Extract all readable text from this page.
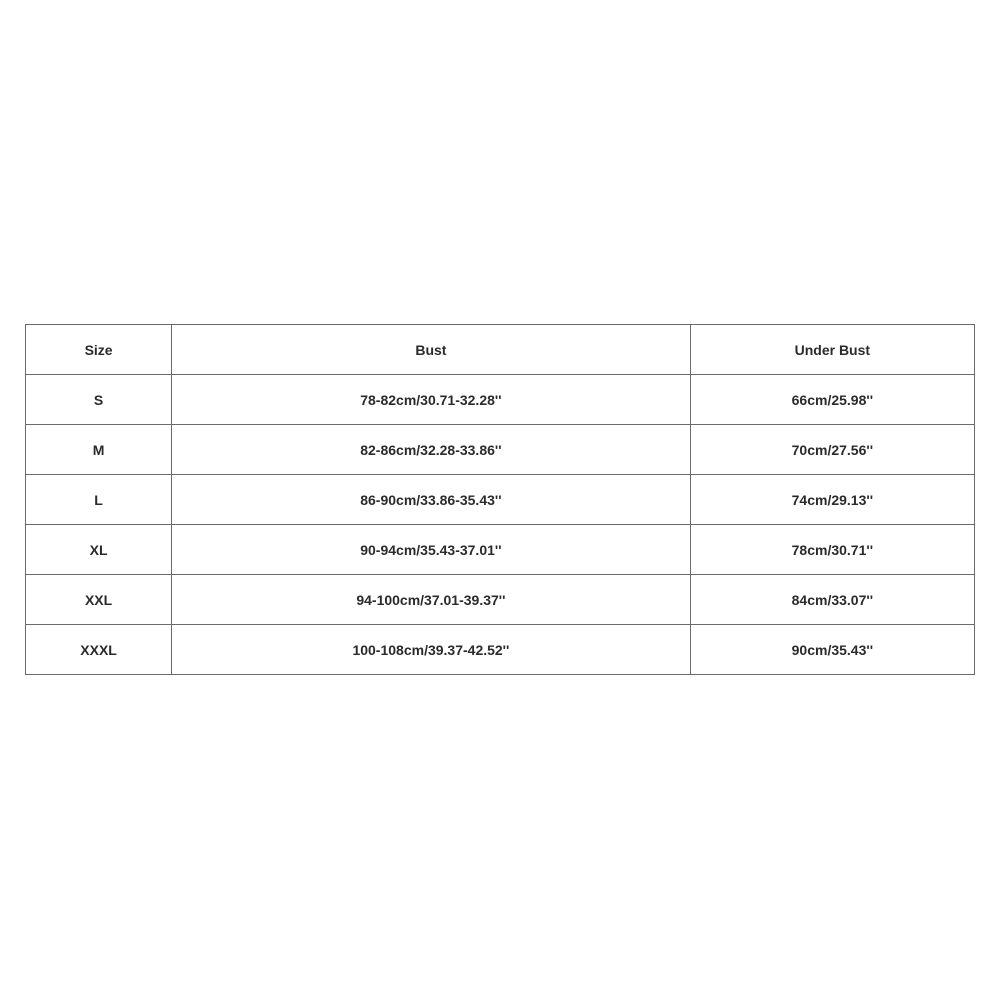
Size	Bust	Under Bust
S	78-82cm/30.71-32.28''	66cm/25.98''
M	82-86cm/32.28-33.86''	70cm/27.56''
L	86-90cm/33.86-35.43''	74cm/29.13''
XL	90-94cm/35.43-37.01''	78cm/30.71''
XXL	94-100cm/37.01-39.37''	84cm/33.07''
XXXL	100-108cm/39.37-42.52''	90cm/35.43''
